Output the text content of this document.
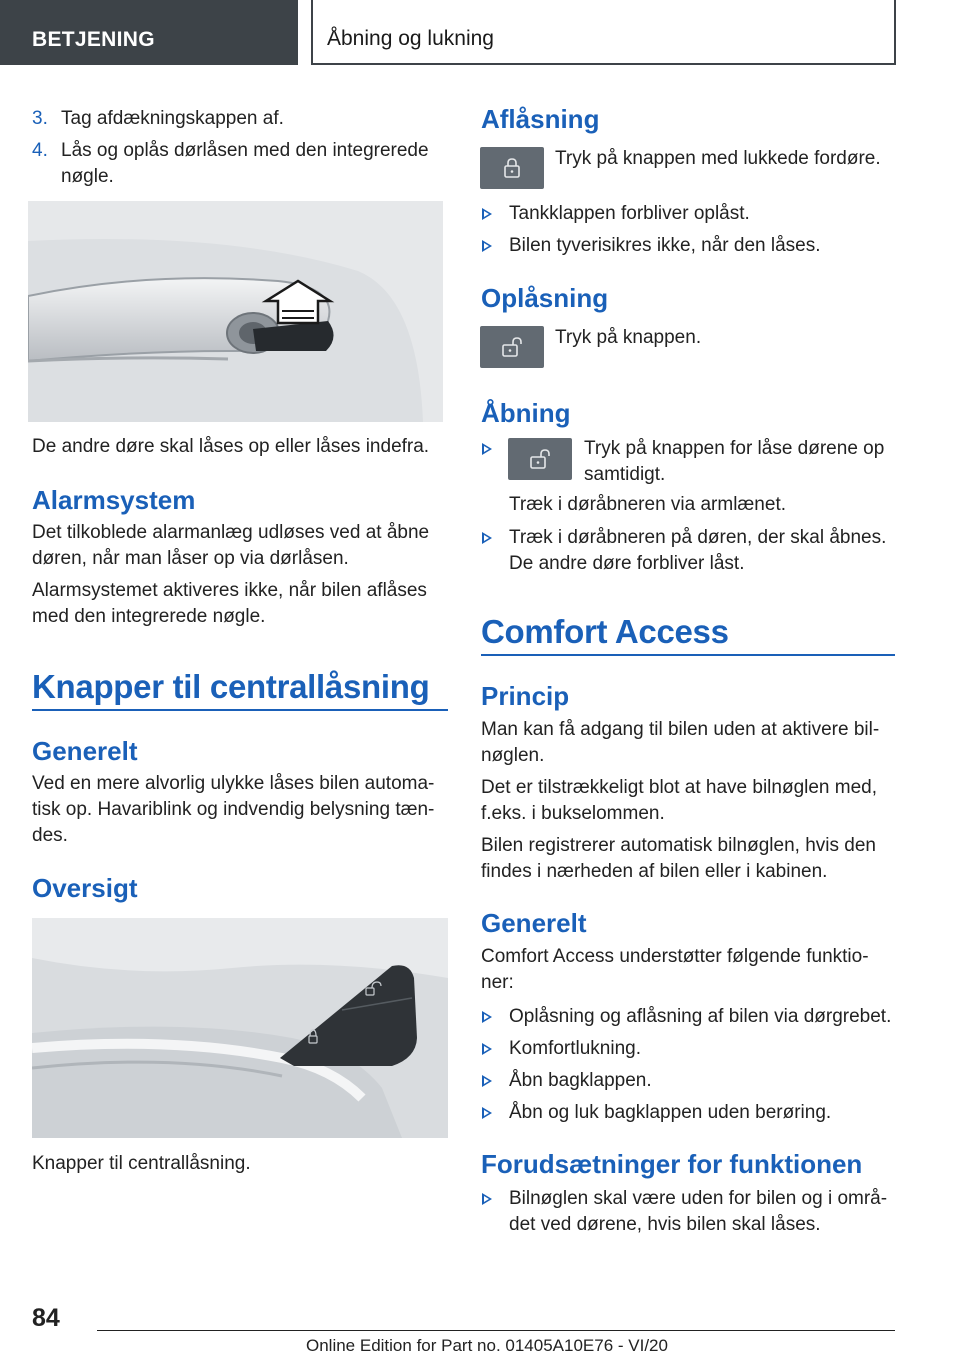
BETJENING	Åbning og lukning
3. Tag afdækningskappen af.
4. Lås og oplås dørlåsen med den integrerede
nøgle.
De andre døre skal låses op eller låses indefra.
Alarmsystem
Det tilkoblede alarmanlæg udløses ved at åbne
døren, når man låser op via dørlåsen.
Alarmsystemet aktiveres ikke, når bilen aflåses
med den integrerede nøgle.
Knapper til centrallåsning
Generelt
Ved en mere alvorlig ulykke låses bilen automa-
tisk op. Havariblink og indvendig belysning tæn-
des.
Oversigt
Knapper til centrallåsning.
Aflåsning
Tryk på knappen med lukkede fordøre.
Tankklappen forbliver oplåst.
Bilen tyverisikres ikke, når den låses.
Oplåsning
Tryk på knappen.
Åbning
Tryk på knappen for låse dørene op
samtidigt.
Træk i døråbneren via armlænet.
Træk i døråbneren på døren, der skal åbnes.
De andre døre forbliver låst.
Comfort Access
Princip
Man kan få adgang til bilen uden at aktivere bil-
nøglen.
Det er tilstrækkeligt blot at have bilnøglen med,
f.eks. i bukselommen.
Bilen registrerer automatisk bilnøglen, hvis den
findes i nærheden af bilen eller i kabinen.
Generelt
Comfort Access understøtter følgende funktio-
ner:
Oplåsning og aflåsning af bilen via dørgrebet.
Komfortlukning.
Åbn bagklappen.
Åbn og luk bagklappen uden berøring.
Forudsætninger for funktionen
Bilnøglen skal være uden for bilen og i områ-
det ved dørene, hvis bilen skal låses.
84
Online Edition for Part no. 01405A10E76 - VI/20
